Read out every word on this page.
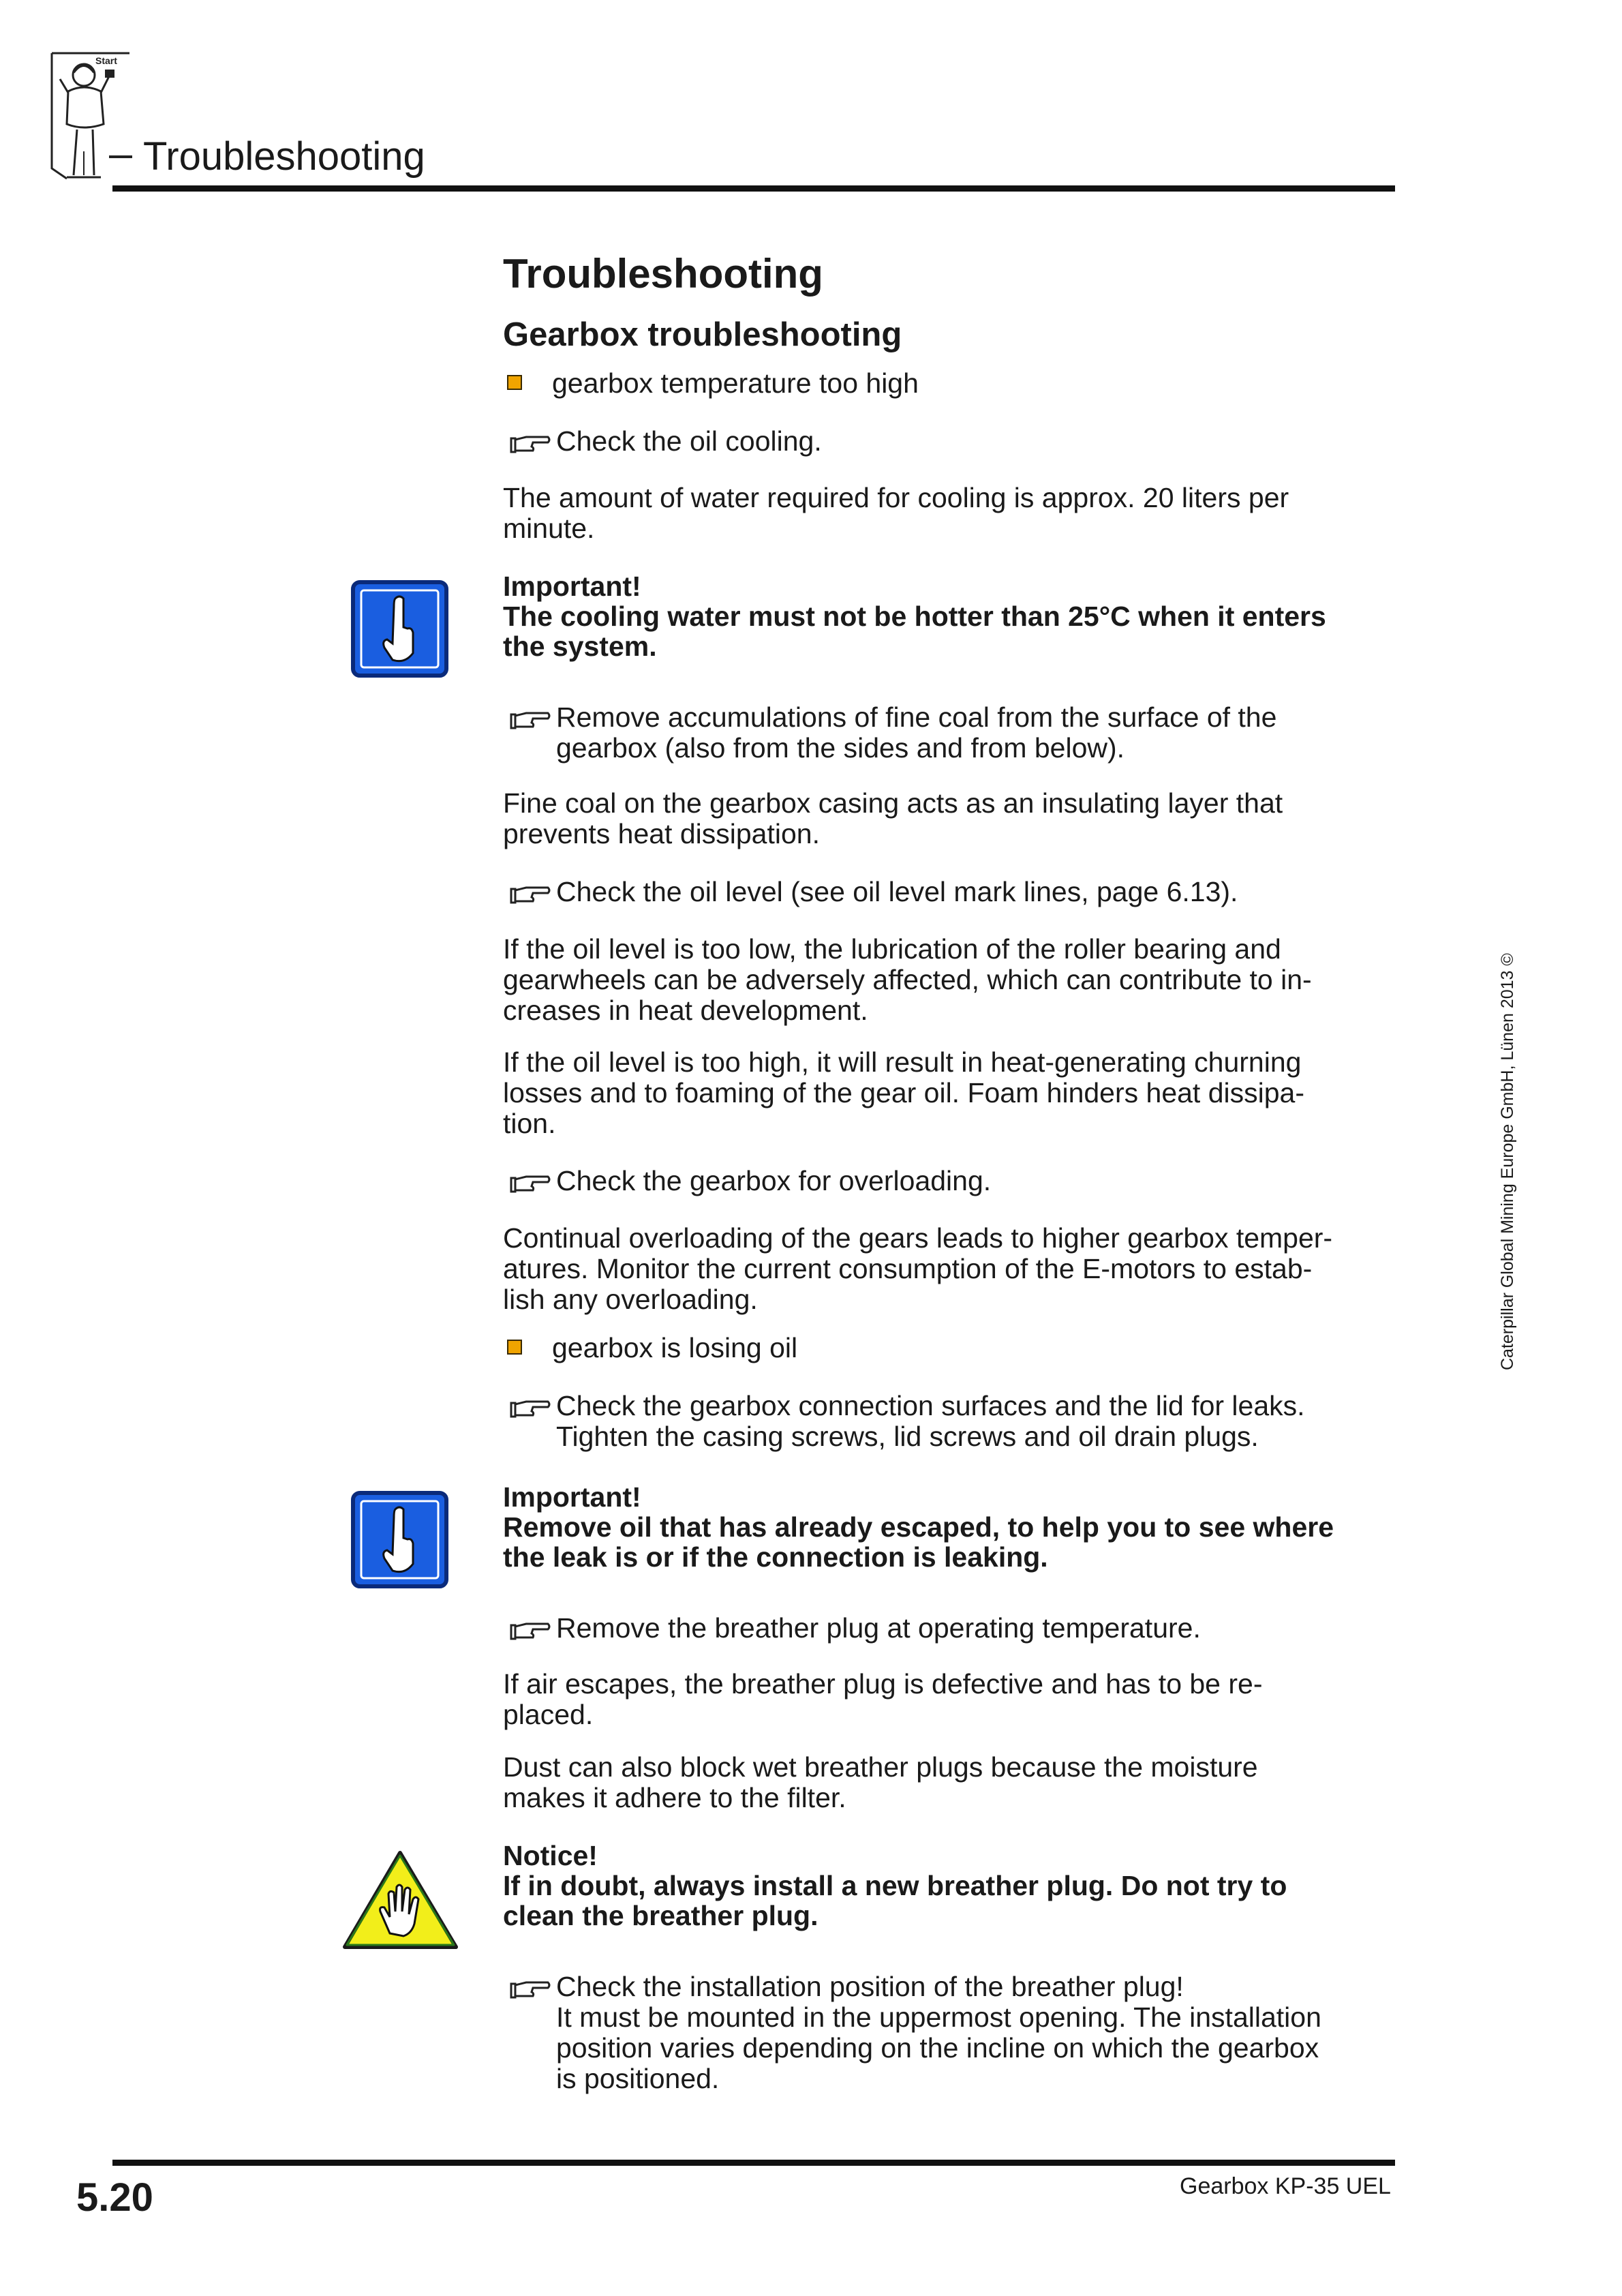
Start
Troubleshooting
Troubleshooting
Gearbox troubleshooting
gearbox temperature too high
Check the oil cooling.
The amount of water required for cooling is approx. 20 liters per
minute.
Important!
The cooling water must not be hotter than 25°C when it enters
the system.
Remove accumulations of fine coal from the surface of the
gearbox (also from the sides and from below).
Fine coal on the gearbox casing acts as an insulating layer that
prevents heat dissipation.
Check the oil level (see oil level mark lines, page 6.13).
If the oil level is too low, the lubrication of the roller bearing and
gearwheels can be adversely affected, which can contribute to in-
creases in heat development.
If the oil level is too high, it will result in heat-generating churning
losses and to foaming of the gear oil. Foam hinders heat dissipa-
tion.
Check the gearbox for overloading.
Continual overloading of the gears leads to higher gearbox temper-
atures. Monitor the current consumption of the E-motors to estab-
lish any overloading.
gearbox is losing oil
Check the gearbox connection surfaces and the lid for leaks.
Tighten the casing screws, lid screws and oil drain plugs.
Important!
Remove oil that has already escaped, to help you to see where
the leak is or if the connection is leaking.
Remove the breather plug at operating temperature.
If air escapes, the breather plug is defective and has to be re-
placed.
Dust can also block wet breather plugs because the moisture
makes it adhere to the filter.
Notice!
If in doubt, always install a new breather plug. Do not try to
clean the breather plug.
Check the installation position of the breather plug!
It must be mounted in the uppermost opening. The installation
position varies depending on the incline on which the gearbox
is positioned.
Caterpillar Global Mining Europe GmbH, Lünen 2013 ©
5.20	Gearbox KP-35 UEL
